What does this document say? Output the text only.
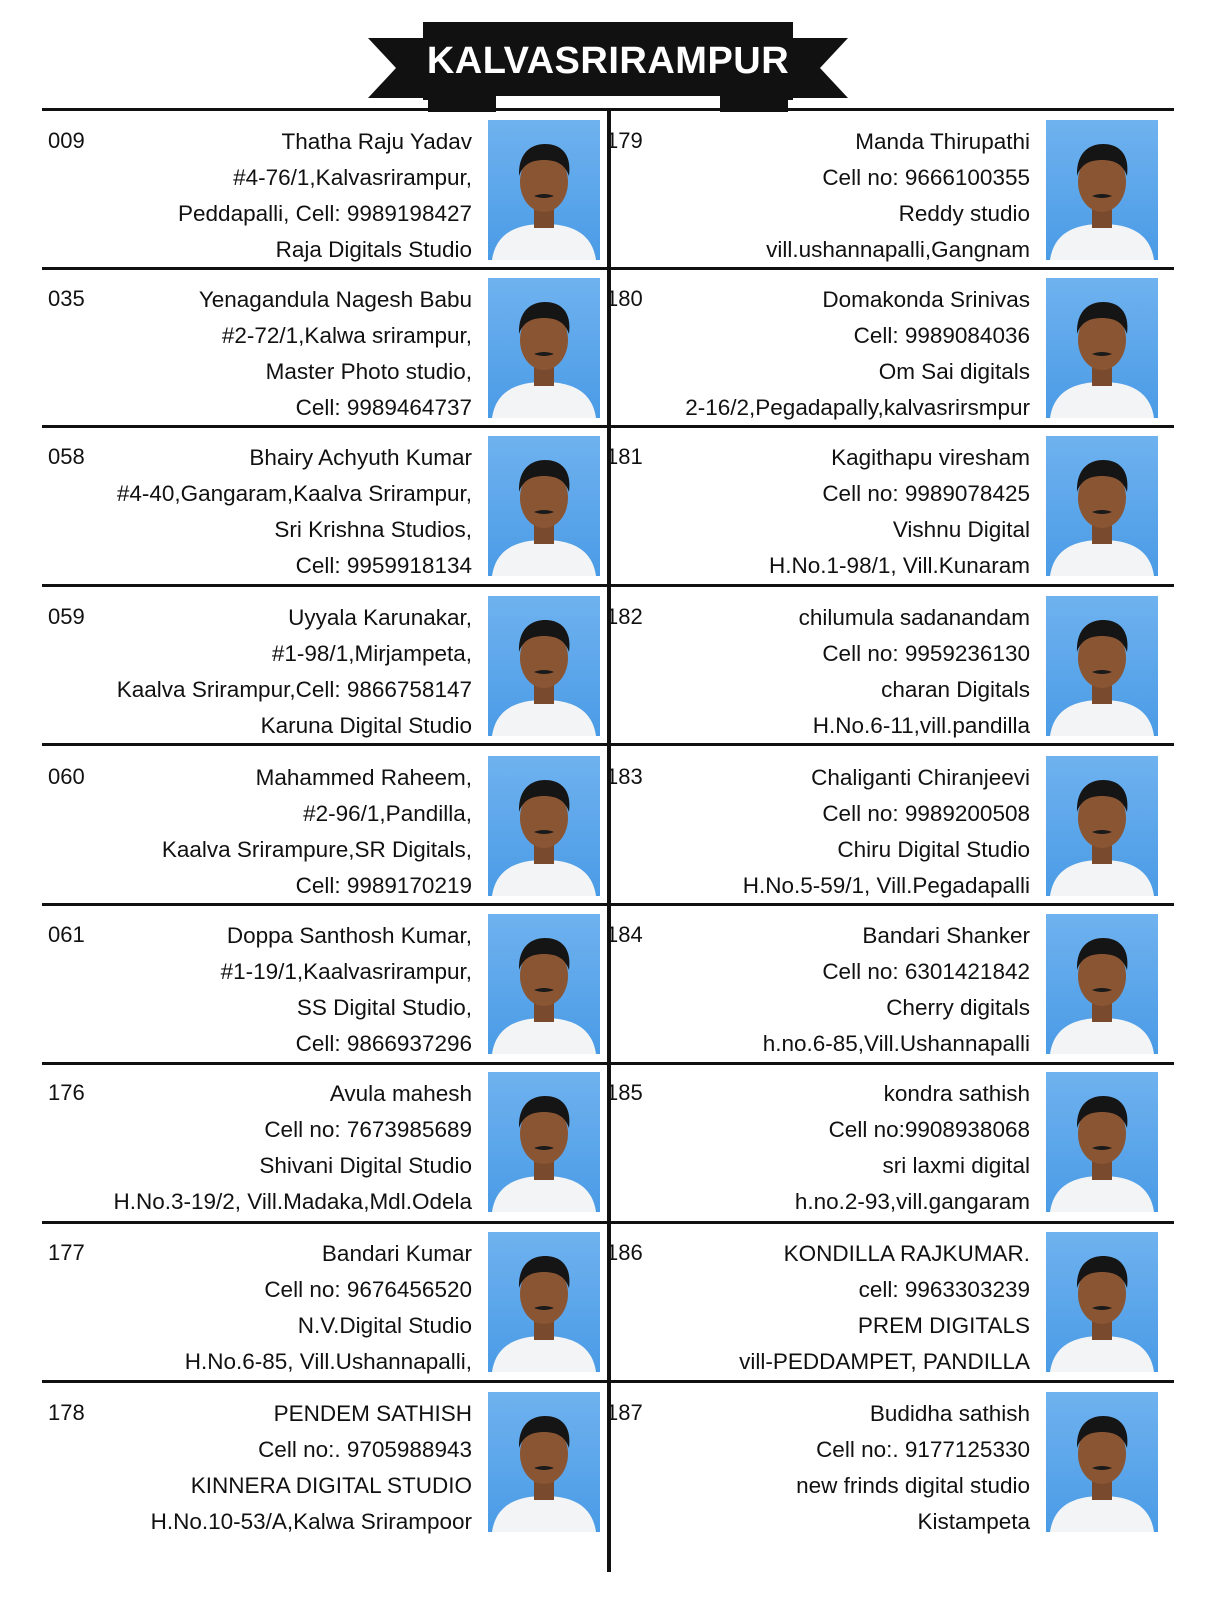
KALVASRIRAMPUR
009	Thatha Raju Yadav
#4-76/1,Kalvasrirampur,
Peddapalli, Cell: 9989198427
Raja Digitals Studio
035	Yenagandula Nagesh Babu
#2-72/1,Kalwa srirampur,
Master Photo studio,
Cell: 9989464737
058	Bhairy Achyuth Kumar
#4-40,Gangaram,Kaalva Srirampur,
Sri Krishna Studios,
Cell: 9959918134
059	Uyyala Karunakar,
#1-98/1,Mirjampeta,
Kaalva Srirampur,Cell: 9866758147
Karuna Digital Studio
060	Mahammed Raheem,
#2-96/1,Pandilla,
Kaalva Srirampure,SR Digitals,
Cell: 9989170219
061	Doppa Santhosh Kumar,
#1-19/1,Kaalvasrirampur,
SS Digital Studio,
Cell: 9866937296
176	Avula mahesh
Cell no: 7673985689
Shivani Digital Studio
H.No.3-19/2, Vill.Madaka,Mdl.Odela
177	Bandari Kumar
Cell no: 9676456520
N.V.Digital Studio
H.No.6-85, Vill.Ushannapalli,
178	PENDEM SATHISH
Cell no:. 9705988943
KINNERA DIGITAL STUDIO
H.No.10-53/A,Kalwa Srirampoor
179	Manda Thirupathi
Cell no: 9666100355
Reddy studio
vill.ushannapalli,Gangnam
180	Domakonda Srinivas
Cell: 9989084036
Om Sai digitals
2-16/2,Pegadapally,kalvasrirsmpur
181	Kagithapu viresham
Cell no: 9989078425
Vishnu Digital
H.No.1-98/1, Vill.Kunaram
182	chilumula sadanandam
Cell no: 9959236130
charan Digitals
H.No.6-11,vill.pandilla
183	Chaliganti Chiranjeevi
Cell no: 9989200508
Chiru Digital Studio
H.No.5-59/1, Vill.Pegadapalli
184	Bandari Shanker
Cell no: 6301421842
Cherry digitals
h.no.6-85,Vill.Ushannapalli
185	kondra sathish
Cell no:9908938068
sri laxmi digital
h.no.2-93,vill.gangaram
186	KONDILLA RAJKUMAR.
cell: 9963303239
PREM DIGITALS
vill-PEDDAMPET, PANDILLA
187	Budidha sathish
Cell no:. 9177125330
new frinds digital studio
Kistampeta
